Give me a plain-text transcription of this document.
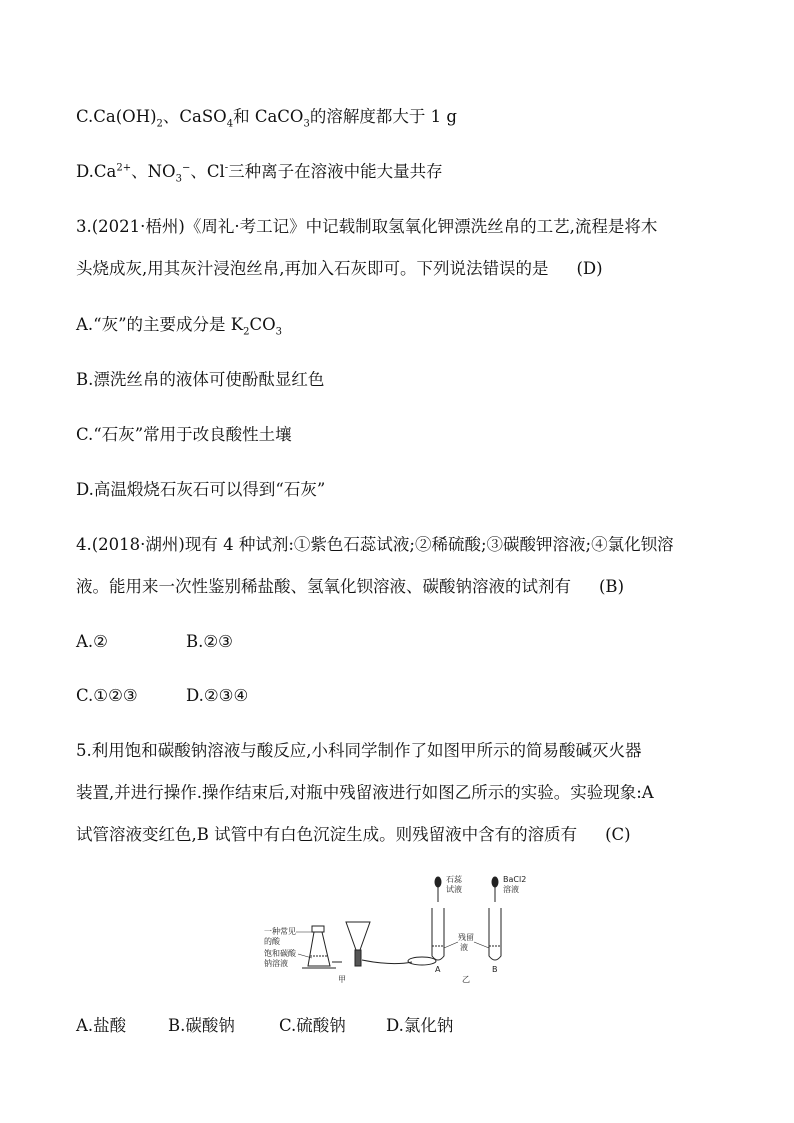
$C.Ca(OH)_2$、CaSO$_4$和 CaCO$_3$的溶解度都大于 1 g
$D.Ca^{2+}$、$NO_3^-$、Cl-三种离子在溶液中能大量共存
3.(2021·梧州)《周礼·考工记》中记载制取氢氧化钾漂洗丝帛的工艺,流程是将木
头烧成灰,用其灰汁浸泡丝帛,再加入石灰即可。下列说法错误的是 (D)
A.“灰”的主要成分是 $K_2CO_3$
B.漂洗丝帛的液体可使酚酞显红色
C.“石灰”常用于改良酸性土壤
D.高温煅烧石灰石可以得到“石灰”
4.(2018·湖州)现有 4 种试剂:①紫色石蕊试液;②稀硫酸;③碳酸钾溶液;④氯化钡溶
液。能用来一次性鉴别稀盐酸、氢氧化钡溶液、碳酸钠溶液的试剂有 (B)
A.②	B.②③
C.①②③	D.②③④
5.利用饱和碳酸钠溶液与酸反应,小科同学制作了如图甲所示的简易酸碱灭火器
装置,并进行操作.操作结束后,对瓶中残留液进行如图乙所示的实验。实验现象:A
试管溶液变红色,B 试管中有白色沉淀生成。则残留液中含有的溶质有 (C)
一种常见
的酸
饱和碳酸
钠溶液
甲
石蕊
试液
BaCl2
溶液
残留
液
A	B
乙
A.盐酸	B.碳酸钠	C.硫酸钠 D.氯化钠
